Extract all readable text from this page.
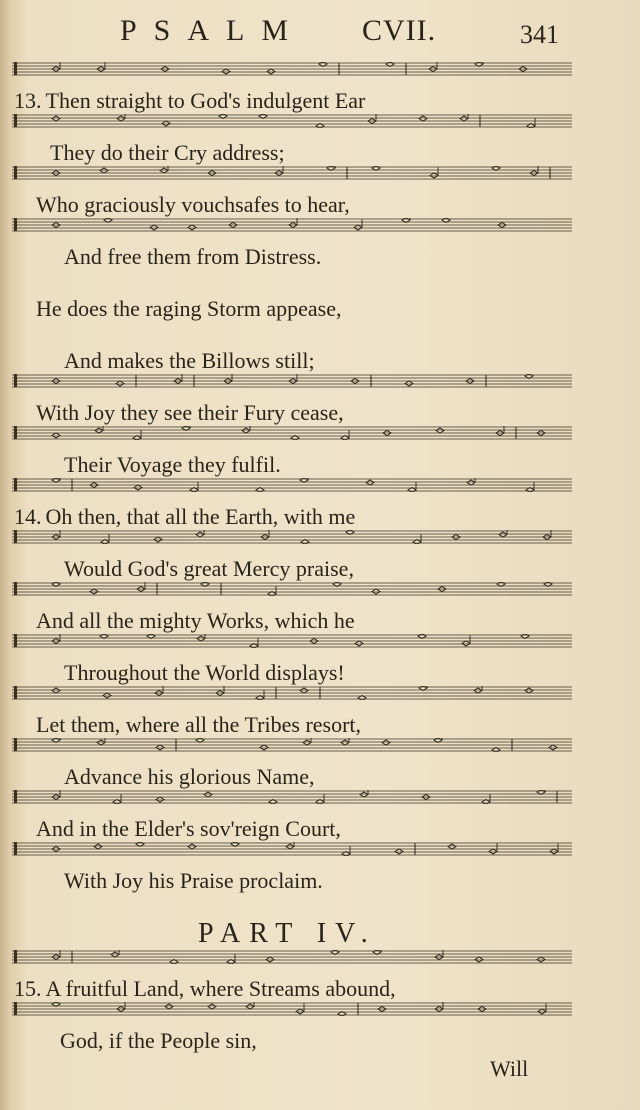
PSALM CVII.	341
13. Then straight to God's indulgent Ear
They do their Cry address;
Who graciously vouchsafes to hear,
And free them from Distress.
He does the raging Storm appease,
And makes the Billows still;
With Joy they see their Fury cease,
Their Voyage they fulfil.
14. Oh then, that all the Earth, with me
Would God's great Mercy praise,
And all the mighty Works, which he
Throughout the World displays!
Let them, where all the Tribes resort,
Advance his glorious Name,
And in the Elder's sov'reign Court,
With Joy his Praise proclaim.
PART IV.
15. A fruitful Land, where Streams abound,
God, if the People sin,
Will
